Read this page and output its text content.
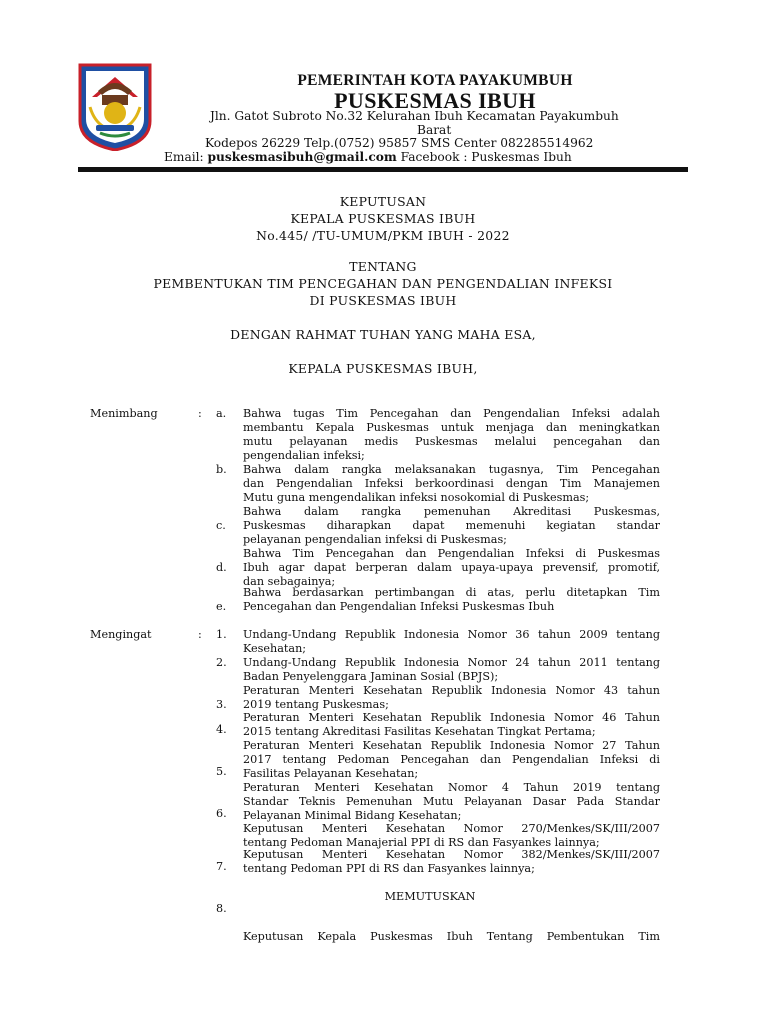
PEMERINTAH KOTA PAYAKUMBUH
PUSKESMAS IBUH
Jln. Gatot Subroto No.32 Kelurahan Ibuh Kecamatan Payakumbuh
Barat
Kodepos 26229 Telp.(0752) 95857 SMS Center 082285514962
Email: puskesmasibuh@gmail.com Facebook : Puskesmas Ibuh
KEPUTUSAN
KEPALA PUSKESMAS IBUH
No.445/ /TU-UMUM/PKM IBUH - 2022
TENTANG
PEMBENTUKAN TIM PENCEGAHAN DAN PENGENDALIAN INFEKSI
DI PUSKESMAS IBUH
DENGAN RAHMAT TUHAN YANG MAHA ESA,
KEPALA PUSKESMAS IBUH,
Menimbang	: a.
b.
c.
d.
e.
Bahwa tugas Tim Pencegahan dan Pengendalian Infeksi adalah
membantu Kepala Puskesmas untuk menjaga dan meningkatkan
mutu pelayanan medis Puskesmas melalui pencegahan dan
pengendalian infeksi;
Bahwa dalam rangka melaksanakan tugasnya, Tim Pencegahan
dan Pengendalian Infeksi berkoordinasi dengan Tim Manajemen
Mutu guna mengendalikan infeksi nosokomial di Puskesmas;
Bahwa dalam rangka pemenuhan Akreditasi Puskesmas,
Puskesmas diharapkan dapat memenuhi kegiatan standar
pelayanan pengendalian infeksi di Puskesmas;
Bahwa Tim Pencegahan dan Pengendalian Infeksi di Puskesmas
Ibuh agar dapat berperan dalam upaya-upaya prevensif, promotif,
dan sebagainya;
Bahwa berdasarkan pertimbangan di atas, perlu ditetapkan Tim
Pencegahan dan Pengendalian Infeksi Puskesmas Ibuh
Mengingat	: 1.
2.
3.
4.
5.
6.
7.
8.
Undang-Undang Republik Indonesia Nomor 36 tahun 2009 tentang
Kesehatan;
Undang-Undang Republik Indonesia Nomor 24 tahun 2011 tentang
Badan Penyelenggara Jaminan Sosial (BPJS);
Peraturan Menteri Kesehatan Republik Indonesia Nomor 43 tahun
2019 tentang Puskesmas;
Peraturan Menteri Kesehatan Republik Indonesia Nomor 46 Tahun
2015 tentang Akreditasi Fasilitas Kesehatan Tingkat Pertama;
Peraturan Menteri Kesehatan Republik Indonesia Nomor 27 Tahun
2017 tentang Pedoman Pencegahan dan Pengendalian Infeksi di
Fasilitas Pelayanan Kesehatan;
Peraturan Menteri Kesehatan Nomor 4 Tahun 2019 tentang
Standar Teknis Pemenuhan Mutu Pelayanan Dasar Pada Standar
Pelayanan Minimal Bidang Kesehatan;
Keputusan Menteri Kesehatan Nomor 270/Menkes/SK/III/2007
tentang Pedoman Manajerial PPI di RS dan Fasyankes lainnya;
Keputusan Menteri Kesehatan Nomor 382/Menkes/SK/III/2007
tentang Pedoman PPI di RS dan Fasyankes lainnya;
MEMUTUSKAN
Keputusan Kepala Puskesmas Ibuh Tentang Pembentukan Tim
